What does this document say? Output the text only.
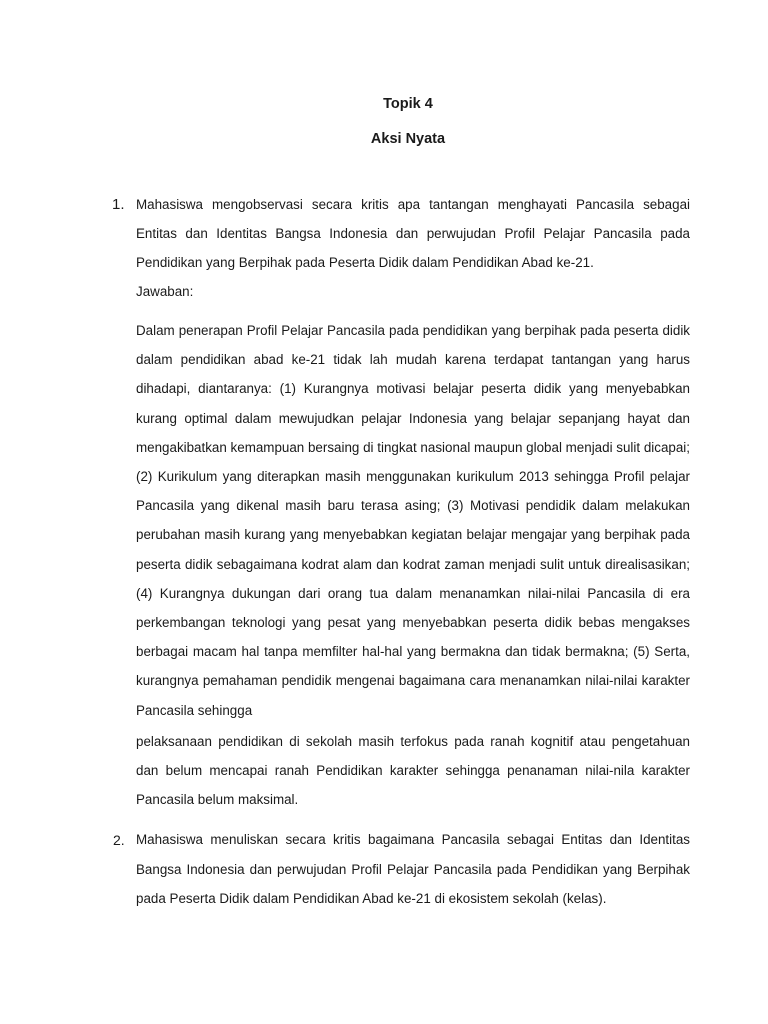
Topik 4
Aksi Nyata
1. Mahasiswa mengobservasi secara kritis apa tantangan menghayati Pancasila sebagai Entitas dan Identitas Bangsa Indonesia dan perwujudan Profil Pelajar Pancasila pada Pendidikan yang Berpihak pada Peserta Didik dalam Pendidikan Abad ke-21.

Jawaban:

Dalam penerapan Profil Pelajar Pancasila pada pendidikan yang berpihak pada peserta didik dalam pendidikan abad ke-21 tidak lah mudah karena terdapat tantangan yang harus dihadapi, diantaranya: (1) Kurangnya motivasi belajar peserta didik yang menyebabkan kurang optimal dalam mewujudkan pelajar Indonesia yang belajar sepanjang hayat dan mengakibatkan kemampuan bersaing di tingkat nasional maupun global menjadi sulit dicapai; (2) Kurikulum yang diterapkan masih menggunakan kurikulum 2013 sehingga Profil pelajar Pancasila yang dikenal masih baru terasa asing; (3) Motivasi pendidik dalam melakukan perubahan masih kurang yang menyebabkan kegiatan belajar mengajar yang berpihak pada peserta didik sebagaimana kodrat alam dan kodrat zaman menjadi sulit untuk direalisasikan; (4) Kurangnya dukungan dari orang tua dalam menanamkan nilai-nilai Pancasila di era perkembangan teknologi yang pesat yang menyebabkan peserta didik bebas mengakses berbagai macam hal tanpa memfilter hal-hal yang bermakna dan tidak bermakna; (5) Serta, kurangnya pemahaman pendidik mengenai bagaimana cara menanamkan nilai-nilai karakter Pancasila sehingga

pelaksanaan pendidikan di sekolah masih terfokus pada ranah kognitif atau pengetahuan dan belum mencapai ranah Pendidikan karakter sehingga penanaman nilai-nila karakter Pancasila belum maksimal.

2. Mahasiswa menuliskan secara kritis bagaimana Pancasila sebagai Entitas dan Identitas Bangsa Indonesia dan perwujudan Profil Pelajar Pancasila pada Pendidikan yang Berpihak pada Peserta Didik dalam Pendidikan Abad ke-21 di ekosistem sekolah (kelas).
